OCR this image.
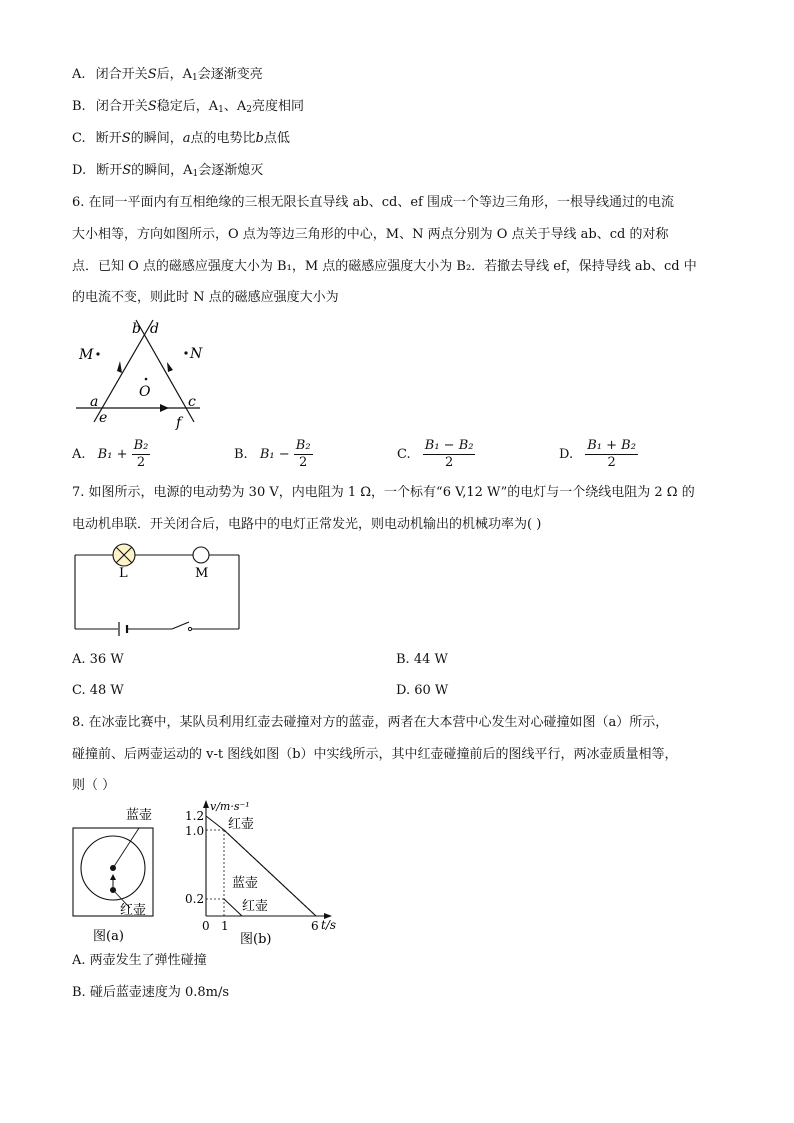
A. 闭合开关S后，$A_1$会逐渐变亮
B. 闭合开关S稳定后，$A_1$、$A_2$亮度相同
C. 断开S的瞬间，a点的电势比b点低
D. 断开S的瞬间，$A_1$会逐渐熄灭
6. 在同一平面内有互相绝缘的三根无限长直导线 ab、cd、ef 围成一个等边三角形，一根导线通过的电流
大小相等，方向如图所示，O 点为等边三角形的中心，M、N 两点分别为 O 点关于导线 ab、cd 的对称
点．已知 O 点的磁感应强度大小为 B₁，M 点的磁感应强度大小为 B₂．若撤去导线 ef，保持导线 ab、cd 中
的电流不变，则此时 N 点的磁感应强度大小为
b d
M	N
O
a	c
e	f
A. $B_1 + \frac{\text{B₂}}{2}$	B. $B_1 - \frac{\text{B₂}}{2}$	C. $\frac{\text{B₁ − B₂}}{2}$	D. $\frac{\text{B₁ + B₂}}{2}$
7. 如图所示，电源的电动势为 30 V，内电阻为 1 Ω，一个标有“6 V,12 W”的电灯与一个绕线电阻为 2 Ω 的
电动机串联．开关闭合后，电路中的电灯正常发光，则电动机输出的机械功率为( )
L	M
A. 36 W	B. 44 W
C. 48 W	D. 60 W
8. 在冰壶比赛中，某队员利用红壶去碰撞对方的蓝壶，两者在大本营中心发生对心碰撞如图（a）所示，
碰撞前、后两壶运动的 v-t 图线如图（b）中实线所示，其中红壶碰撞前后的图线平行，两冰壶质量相等，
则（ ）
蓝壶
红壶
图(a)
1.2
1.0
0.2
0 1	6
v/m·s⁻¹
t/s
红壶
蓝壶
红壶
图(b)
A. 两壶发生了弹性碰撞
B. 碰后蓝壶速度为 0.8m/s
